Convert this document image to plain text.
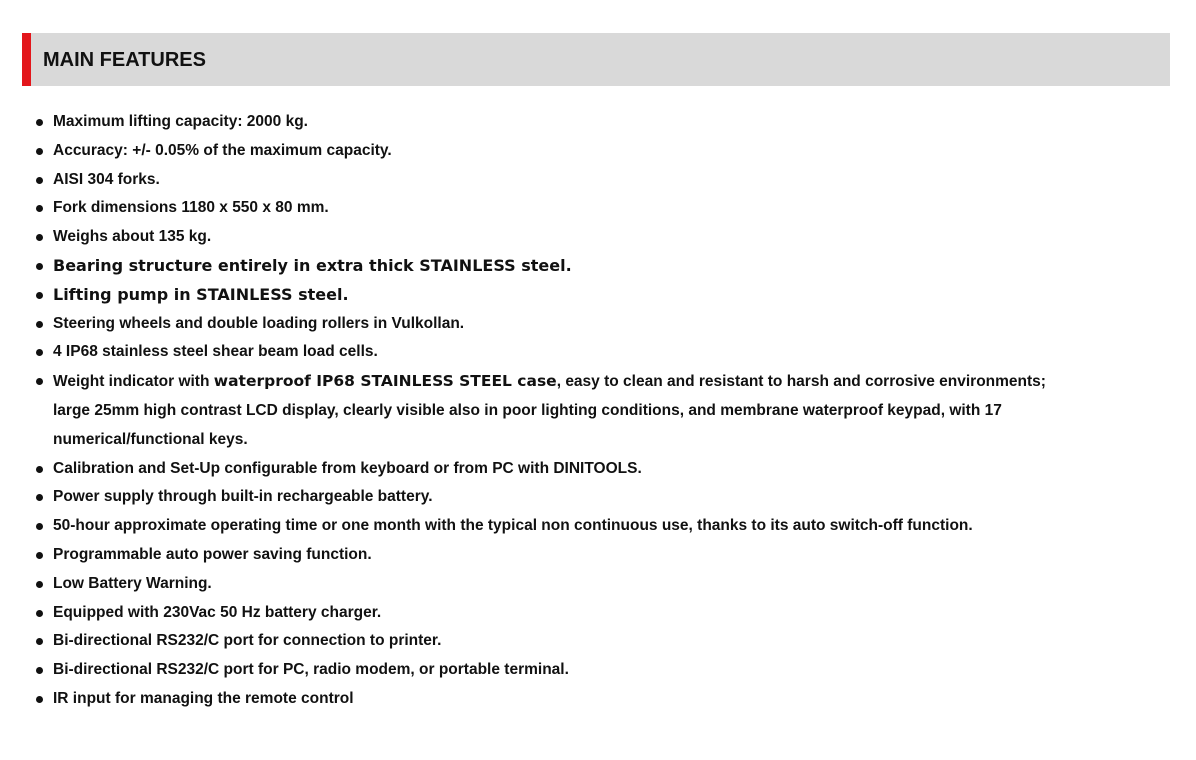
MAIN FEATURES
Maximum lifting capacity: 2000 kg.
Accuracy: +/- 0.05% of the maximum capacity.
AISI 304 forks.
Fork dimensions 1180 x 550 x 80 mm.
Weighs about 135 kg.
Bearing structure entirely in extra thick STAINLESS steel.
Lifting pump in STAINLESS steel.
Steering wheels and double loading rollers in Vulkollan.
4 IP68 stainless steel shear beam load cells.
Weight indicator with waterproof IP68 STAINLESS STEEL case, easy to clean and resistant to harsh and corrosive environments;
large 25mm high contrast LCD display, clearly visible also in poor lighting conditions, and membrane waterproof keypad, with 17
numerical/functional keys.
Calibration and Set-Up configurable from keyboard or from PC with DINITOOLS.
Power supply through built-in rechargeable battery.
50-hour approximate operating time or one month with the typical non continuous use, thanks to its auto switch-off function.
Programmable auto power saving function.
Low Battery Warning.
Equipped with 230Vac 50 Hz battery charger.
Bi-directional RS232/C port for connection to printer.
Bi-directional RS232/C port for PC, radio modem, or portable terminal.
IR input for managing the remote control
